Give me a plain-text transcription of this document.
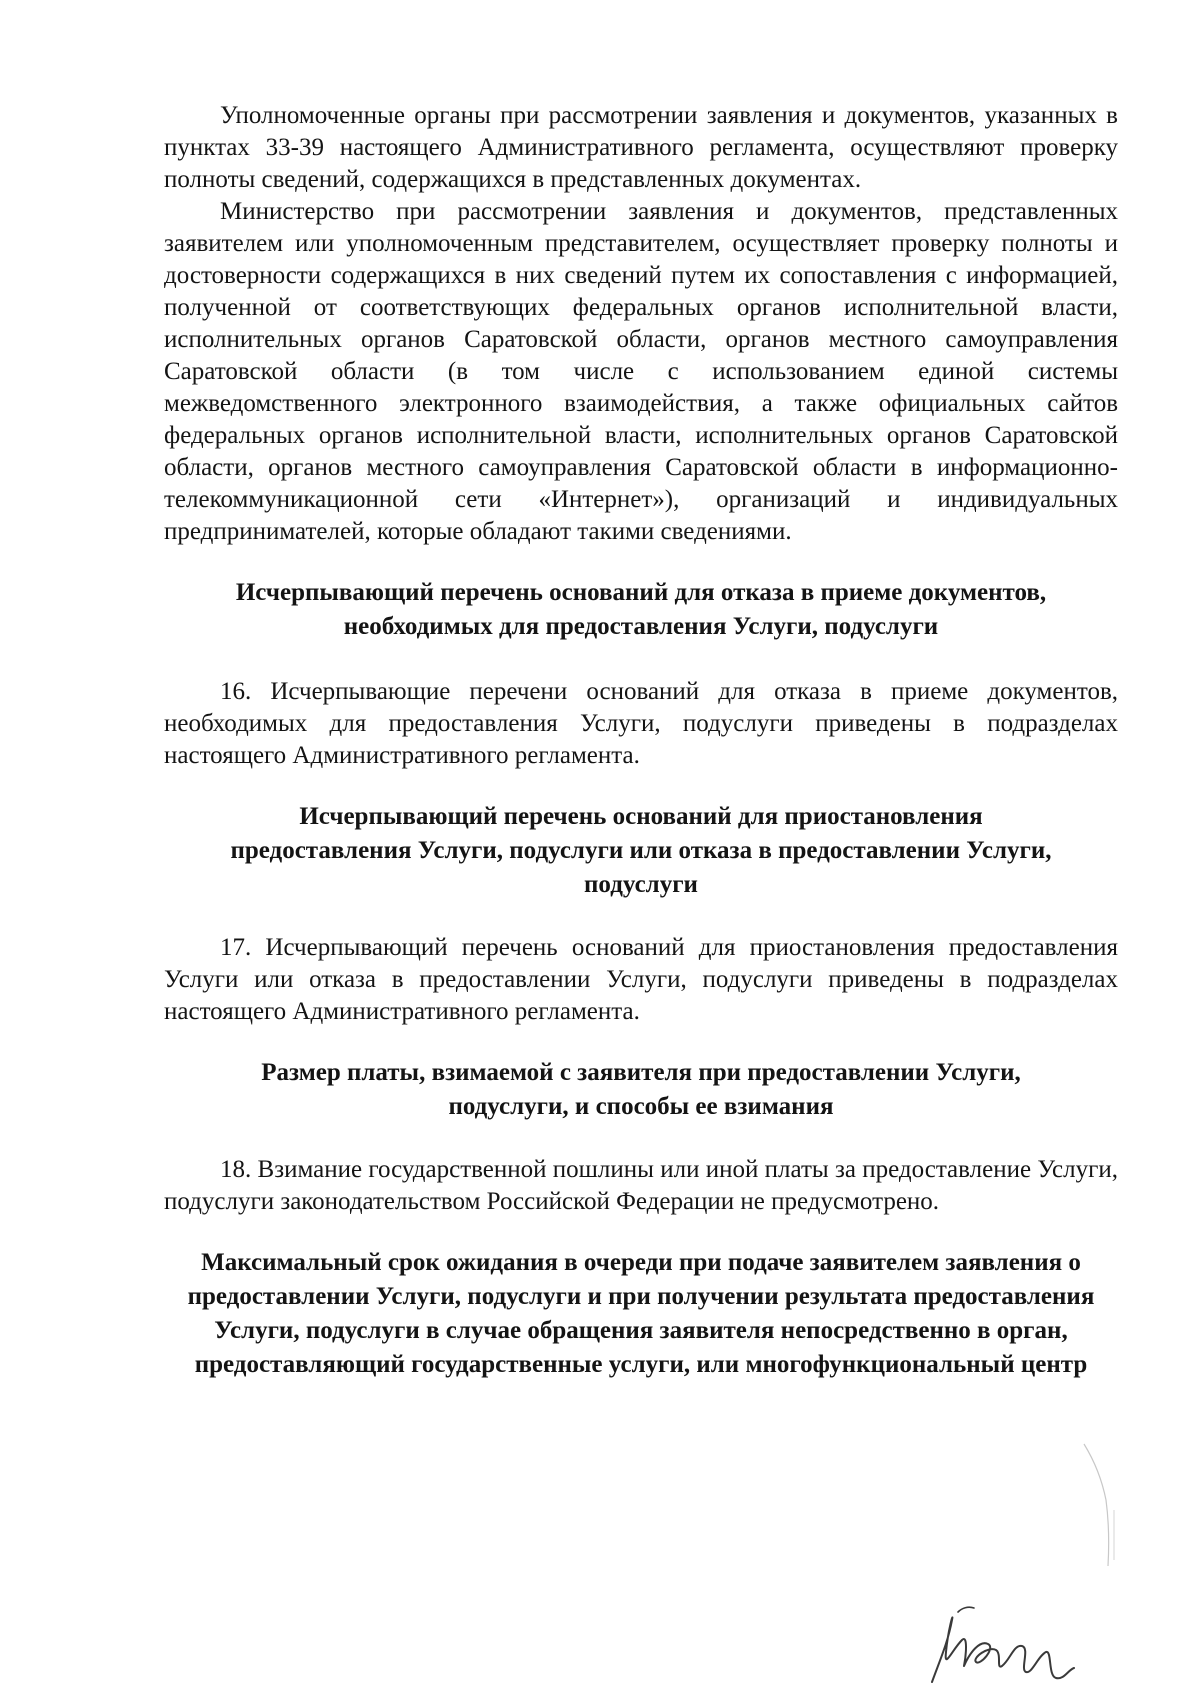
Уполномоченные органы при рассмотрении заявления и документов, указанных в пунктах 33-39 настоящего Административного регламента, осуществляют проверку полноты сведений, содержащихся в представленных документах.

Министерство при рассмотрении заявления и документов, представленных заявителем или уполномоченным представителем, осуществляет проверку полноты и достоверности содержащихся в них сведений путем их сопоставления с информацией, полученной от соответствующих федеральных органов исполнительной власти, исполнительных органов Саратовской области, органов местного самоуправления Саратовской области (в том числе с использованием единой системы межведомственного электронного взаимодействия, а также официальных сайтов федеральных органов исполнительной власти, исполнительных органов Саратовской области, органов местного самоуправления Саратовской области в информационно-телекоммуникационной сети «Интернет»), организаций и индивидуальных предпринимателей, которые обладают такими сведениями.

Исчерпывающий перечень оснований для отказа в приеме документов, необходимых для предоставления Услуги, подуслуги

16. Исчерпывающие перечени оснований для отказа в приеме документов, необходимых для предоставления Услуги, подуслуги приведены в подразделах настоящего Административного регламента.

Исчерпывающий перечень оснований для приостановления предоставления Услуги, подуслуги или отказа в предоставлении Услуги, подуслуги

17. Исчерпывающий перечень оснований для приостановления предоставления Услуги или отказа в предоставлении Услуги, подуслуги приведены в подразделах настоящего Административного регламента.

Размер платы, взимаемой с заявителя при предоставлении Услуги, подуслуги, и способы ее взимания

18. Взимание государственной пошлины или иной платы за предоставление Услуги, подуслуги законодательством Российской Федерации не предусмотрено.

Максимальный срок ожидания в очереди при подаче заявителем заявления о предоставлении Услуги, подуслуги и при получении результата предоставления Услуги, подуслуги в случае обращения заявителя непосредственно в орган, предоставляющий государственные услуги, или многофункциональный центр
